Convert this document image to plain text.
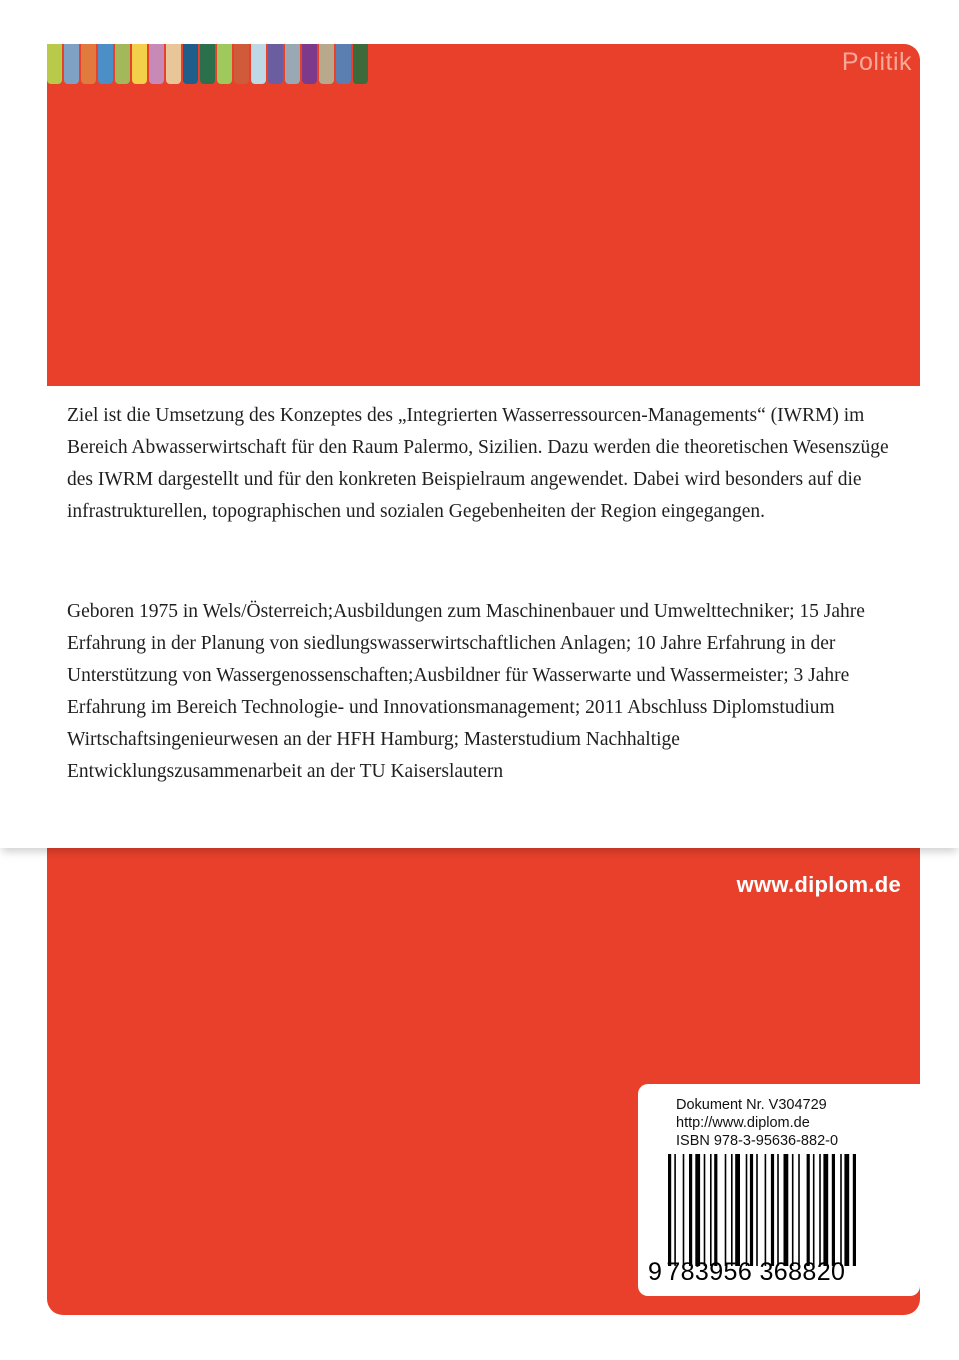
Politik

Ziel ist die Umsetzung des Konzeptes des „Integrierten Wasserressourcen-Managements“ (IWRM) im Bereich Abwasserwirtschaft für den Raum Palermo, Sizilien. Dazu werden die theoretischen Wesenszüge des IWRM dargestellt und für den konkreten Beispielraum angewendet. Dabei wird besonders auf die infrastrukturellen, topographischen und sozialen Gegebenheiten der Region eingegangen.

Geboren 1975 in Wels/Österreich;Ausbildungen zum Maschinenbauer und Umwelttechniker; 15 Jahre Erfahrung in der Planung von siedlungswasserwirtschaftlichen Anlagen; 10 Jahre Erfahrung in der Unterstützung von Wassergenossenschaften;Ausbildner für Wasserwarte und Wassermeister; 3 Jahre Erfahrung im Bereich Technologie- und Innovationsmanagement; 2011 Abschluss Diplomstudium Wirtschaftsingenieurwesen an der HFH Hamburg; Masterstudium Nachhaltige Entwicklungszusammenarbeit an der TU Kaiserslautern

www.diplom.de
Dokument Nr. V304729
http://www.diplom.de
ISBN 978-3-95636-882-0
9 783956 368820
